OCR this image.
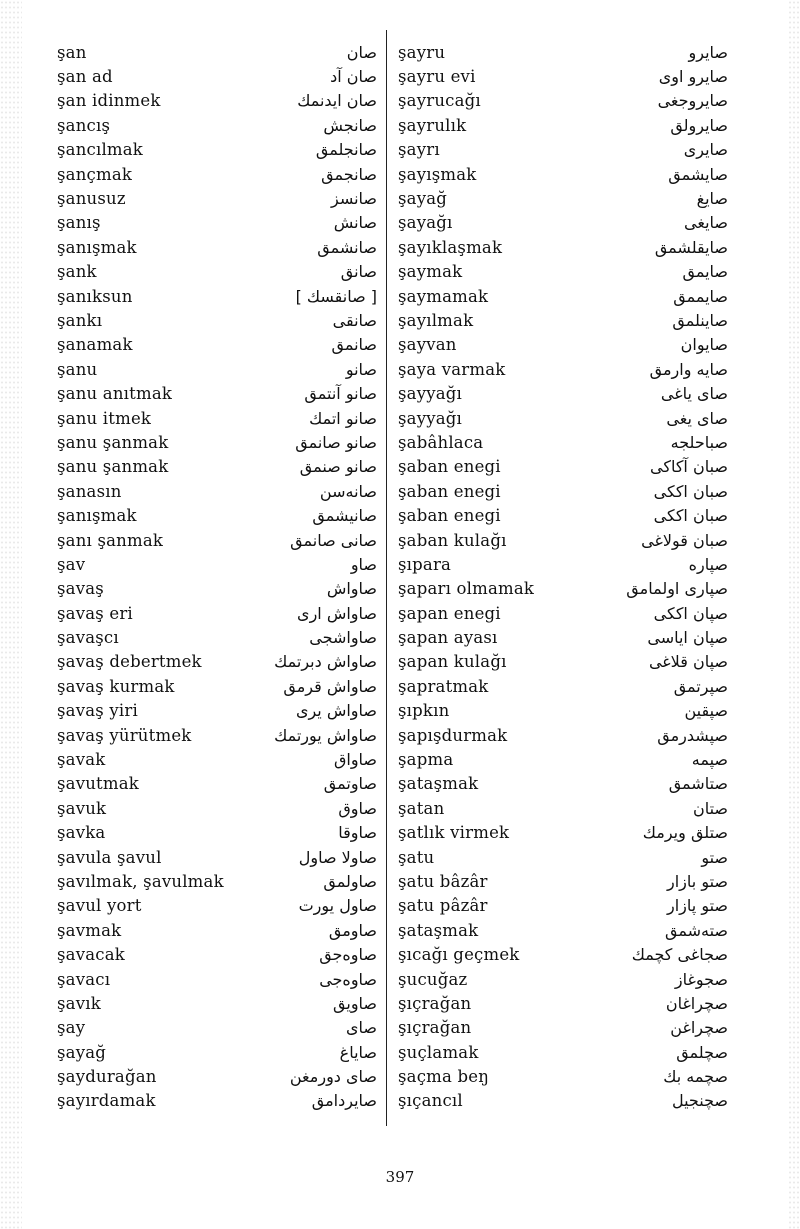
şan	صان
şan ad	صان آد
şan idinmek	صان ايدنمك
şancış	صانجش
şancılmak	صانجلمق
şançmak	صانجمق
şanusuz	صانسز
şanış	صانش
şanışmak	صانشمق
şank	صانق
şanıksun	[ صانقسك ]
şankı	صانقى
şanamak	صانمق
şanu	صانو
şanu anıtmak	صانو آنتمق
şanu itmek	صانو اتمك
şanu şanmak	صانو صانمق
şanu şanmak	صانو صنمق
şanasın	صانه‌سن
şanışmak	صانيشمق
şanı şanmak	صانى صانمق
şav	صاو
şavaş	صاواش
şavaş eri	صاواش ارى
şavaşcı	صاواشجى
şavaş debertmek	صاواش دبرتمك
şavaş kurmak	صاواش قرمق
şavaş yiri	صاواش يرى
şavaş yürütmek	صاواش يورتمك
şavak	صاواق
şavutmak	صاوتمق
şavuk	صاوق
şavka	صاوقا
şavula şavul	صاولا صاول
şavılmak, şavulmak	صاولمق
şavul yort	صاول يورت
şavmak	صاومق
şavacak	صاوه‌جق
şavacı	صاوه‌جى
şavık	صاويق
şay	صاى
şayağ	صاياغ
şaydurağan	صاى دورمغن
şayırdamak	صايردامق
şayru	صايرو
şayru evi	صايرو اوى
şayrucağı	صايروجغى
şayrulık	صايرولق
şayrı	صايرى
şayışmak	صايشمق
şayağ	صايغ
şayağı	صايغى
şayıklaşmak	صايقلشمق
şaymak	صايمق
şaymamak	صايممق
şayılmak	صاينلمق
şayvan	صايوان
şaya varmak	صايه وارمق
şayyağı	صاى ياغى
şayyağı	صاى يغى
şabâhlaca	صباحلجه
şaban enegi	صبان آكاكى
şaban enegi	صبان اككى
şaban enegi	صبان اككى
şaban kulağı	صبان قولاغى
şıpara	صپاره
şaparı olmamak	صپارى اولمامق
şapan enegi	صپان اككى
şapan ayası	صپان اياسى
şapan kulağı	صپان قلاغى
şapratmak	صپرتمق
şıpkın	صپقين
şapışdurmak	صپشدرمق
şapma	صپمه
şataşmak	صتاشمق
şatan	صتان
şatlık virmek	صتلق ويرمك
şatu	صتو
şatu bâzâr	صتو بازار
şatu pâzâr	صتو پازار
şataşmak	صته‌شمق
şıcağı geçmek	صجاغى كچمك
şucuğaz	صجوغاز
şıçrağan	صچراغان
şıçrağan	صچراغن
şuçlamak	صچلمق
şaçma beŋ	صچمه بك
şıçancıl	صچنجيل
397
